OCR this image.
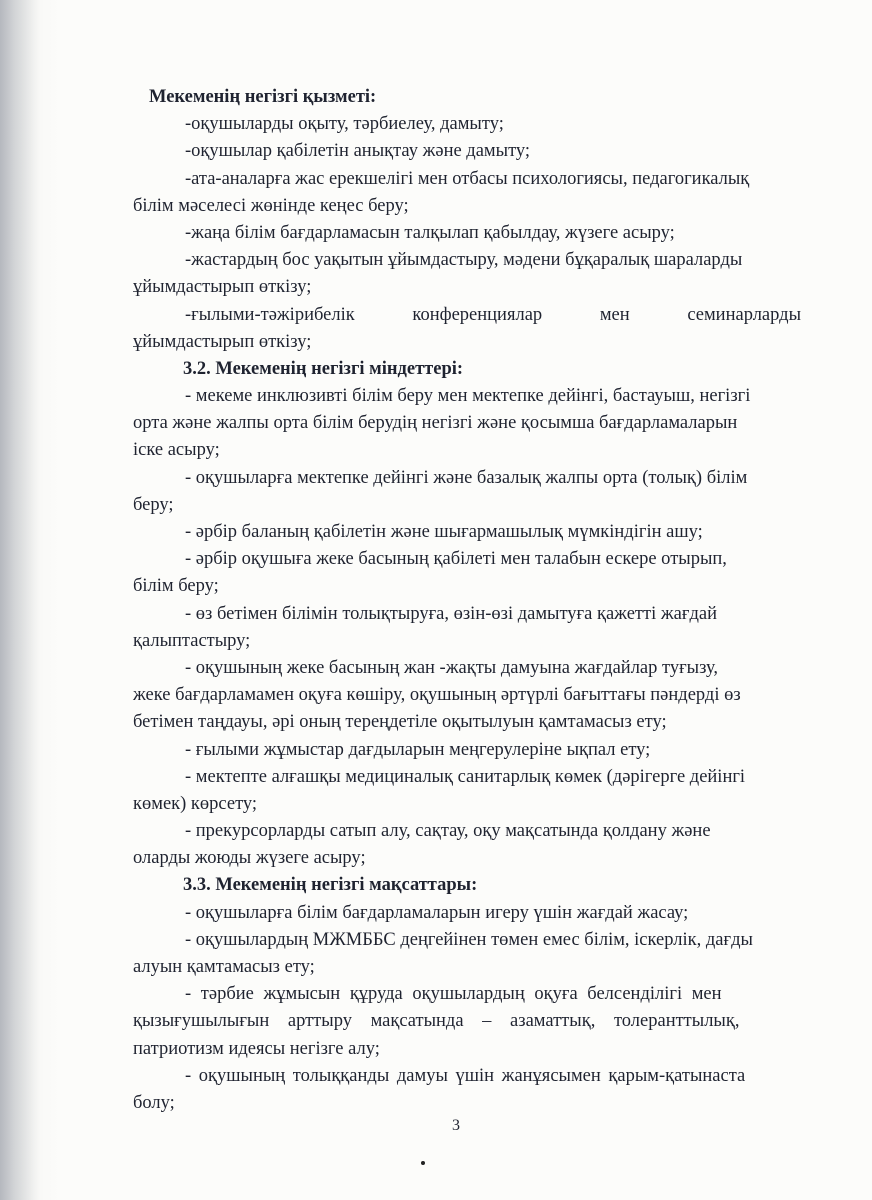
Мекеменің негізгі қызметі:
-оқушыларды оқыту, тәрбиелеу, дамыту;
-оқушылар қабілетін анықтау және дамыту;
-ата-аналарға жас ерекшелігі мен отбасы психологиясы, педагогикалық
білім мәселесі жөнінде кеңес беру;
-жаңа білім бағдарламасын талқылап қабылдау, жүзеге асыру;
-жастардың бос уақытын ұйымдастыру, мәдени бұқаралық шараларды
ұйымдастырып өткізу;
-ғылыми-тәжірибелік	конференциялар	мен	семинарларды
ұйымдастырып өткізу;
3.2. Мекеменің негізгі міндеттері:
- мекеме инклюзивті білім беру мен мектепке дейінгі, бастауыш, негізгі
орта және жалпы орта білім берудің негізгі және қосымша бағдарламаларын
іске асыру;
- оқушыларға мектепке дейінгі және базалық жалпы орта (толық) білім
беру;
- әрбір баланың қабілетін және шығармашылық мүмкіндігін ашу;
- әрбір оқушыға жеке басының қабілеті мен талабын ескере отырып,
білім беру;
- өз бетімен білімін толықтыруға, өзін-өзі дамытуға қажетті жағдай
қалыптастыру;
- оқушының жеке басының жан -жақты дамуына жағдайлар туғызу,
жеке бағдарламамен оқуға көшіру, оқушының әртүрлі бағыттағы пәндерді өз
бетімен таңдауы, әрі оның тереңдетіле оқытылуын қамтамасыз ету;
- ғылыми жұмыстар дағдыларын меңгерулеріне ықпал ету;
- мектепте алғашқы медициналық санитарлық көмек (дәрігерге дейінгі
көмек) көрсету;
- прекурсорларды сатып алу, сақтау, оқу мақсатында қолдану және
оларды жоюды жүзеге асыру;
3.3. Мекеменің негізгі мақсаттары:
- оқушыларға білім бағдарламаларын игеру үшін жағдай жасау;
- оқушылардың МЖМББС деңгейінен төмен емес білім, іскерлік, дағды
алуын қамтамасыз ету;
- тәрбие жұмысын құруда оқушылардың оқуға белсенділігі мен
қызығушылығын арттыру мақсатында – азаматтық, толеранттылық,
патриотизм идеясы негізге алу;
- оқушының толыққанды дамуы үшін жанұясымен қарым-қатынаста
болу;
3
